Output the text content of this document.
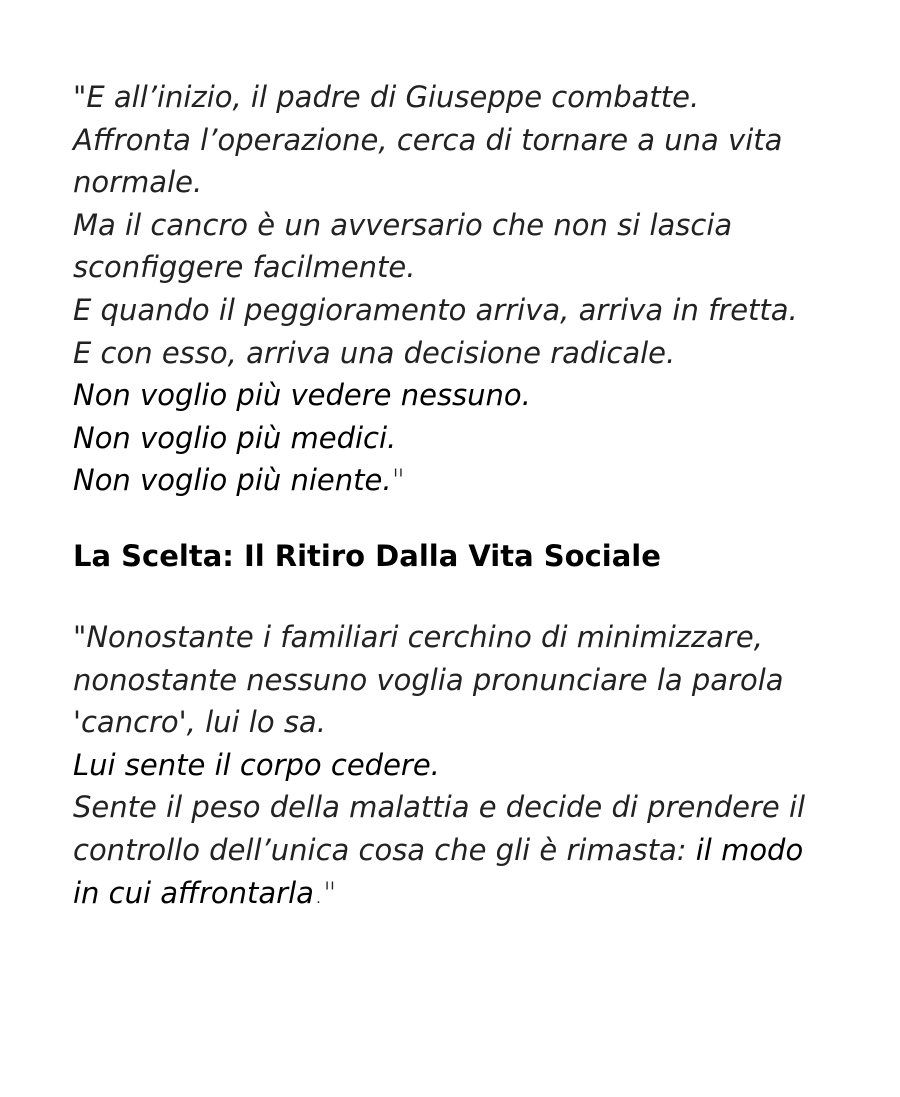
"E all’inizio, il padre di Giuseppe combatte.
Affronta l’operazione, cerca di tornare a una vita
normale.
Ma il cancro è un avversario che non si lascia
sconfiggere facilmente.
E quando il peggioramento arriva, arriva in fretta.
E con esso, arriva una decisione radicale.
Non voglio più vedere nessuno.
Non voglio più medici.
Non voglio più niente."

La Scelta: Il Ritiro Dalla Vita Sociale

"Nonostante i familiari cerchino di minimizzare,
nonostante nessuno voglia pronunciare la parola
'cancro', lui lo sa.
Lui sente il corpo cedere.
Sente il peso della malattia e decide di prendere il
controllo dell’unica cosa che gli è rimasta: il modo
in cui affrontarla."
